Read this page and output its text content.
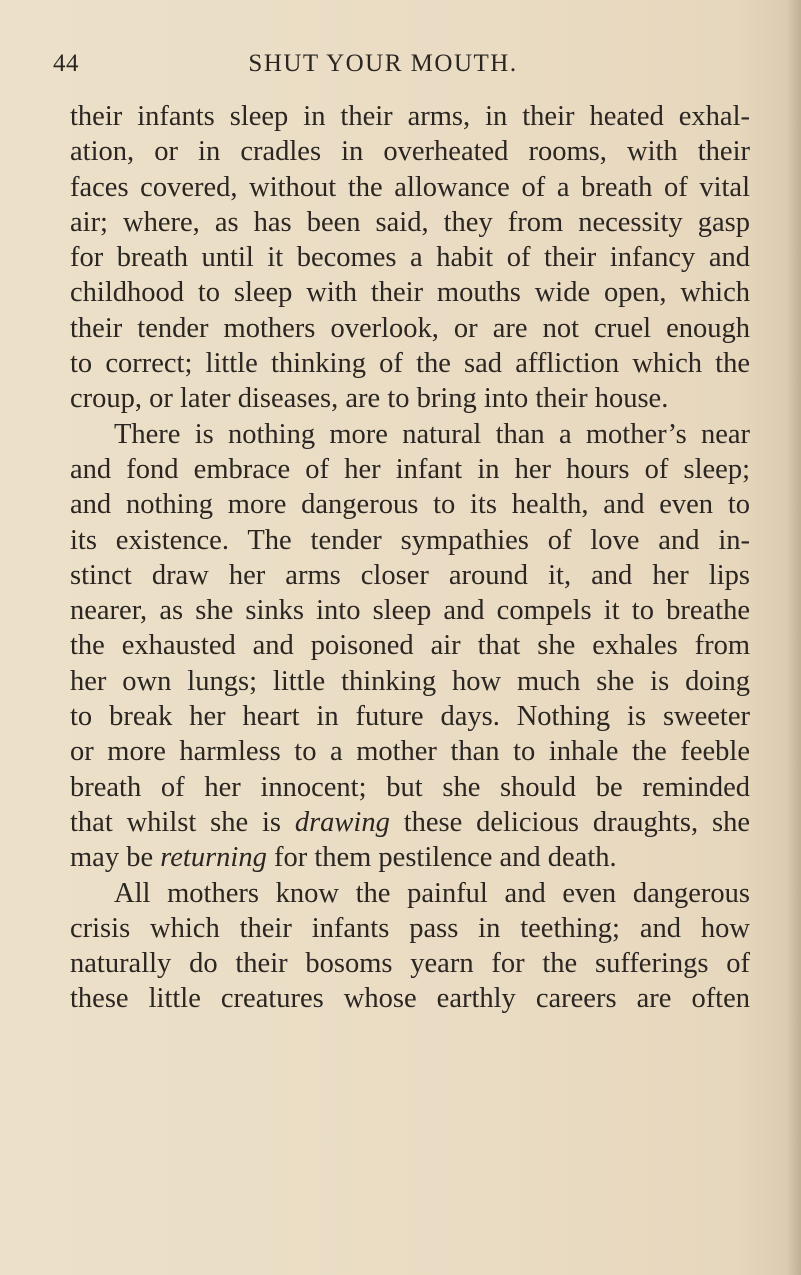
44	SHUT YOUR MOUTH.
their infants sleep in their arms, in their heated exhal-
ation, or in cradles in overheated rooms, with their
faces covered, without the allowance of a breath of vital
air; where, as has been said, they from necessity gasp
for breath until it becomes a habit of their infancy and
childhood to sleep with their mouths wide open, which
their tender mothers overlook, or are not cruel enough
to correct; little thinking of the sad affliction which the
croup, or later diseases, are to bring into their house.
There is nothing more natural than a mother’s near
and fond embrace of her infant in her hours of sleep;
and nothing more dangerous to its health, and even to
its existence. The tender sympathies of love and in-
stinct draw her arms closer around it, and her lips
nearer, as she sinks into sleep and compels it to breathe
the exhausted and poisoned air that she exhales from
her own lungs; little thinking how much she is doing
to break her heart in future days. Nothing is sweeter
or more harmless to a mother than to inhale the feeble
breath of her innocent; but she should be reminded
that whilst she is drawing these delicious draughts, she
may be returning for them pestilence and death.
All mothers know the painful and even dangerous
crisis which their infants pass in teething; and how
naturally do their bosoms yearn for the sufferings of
these little creatures whose earthly careers are often
